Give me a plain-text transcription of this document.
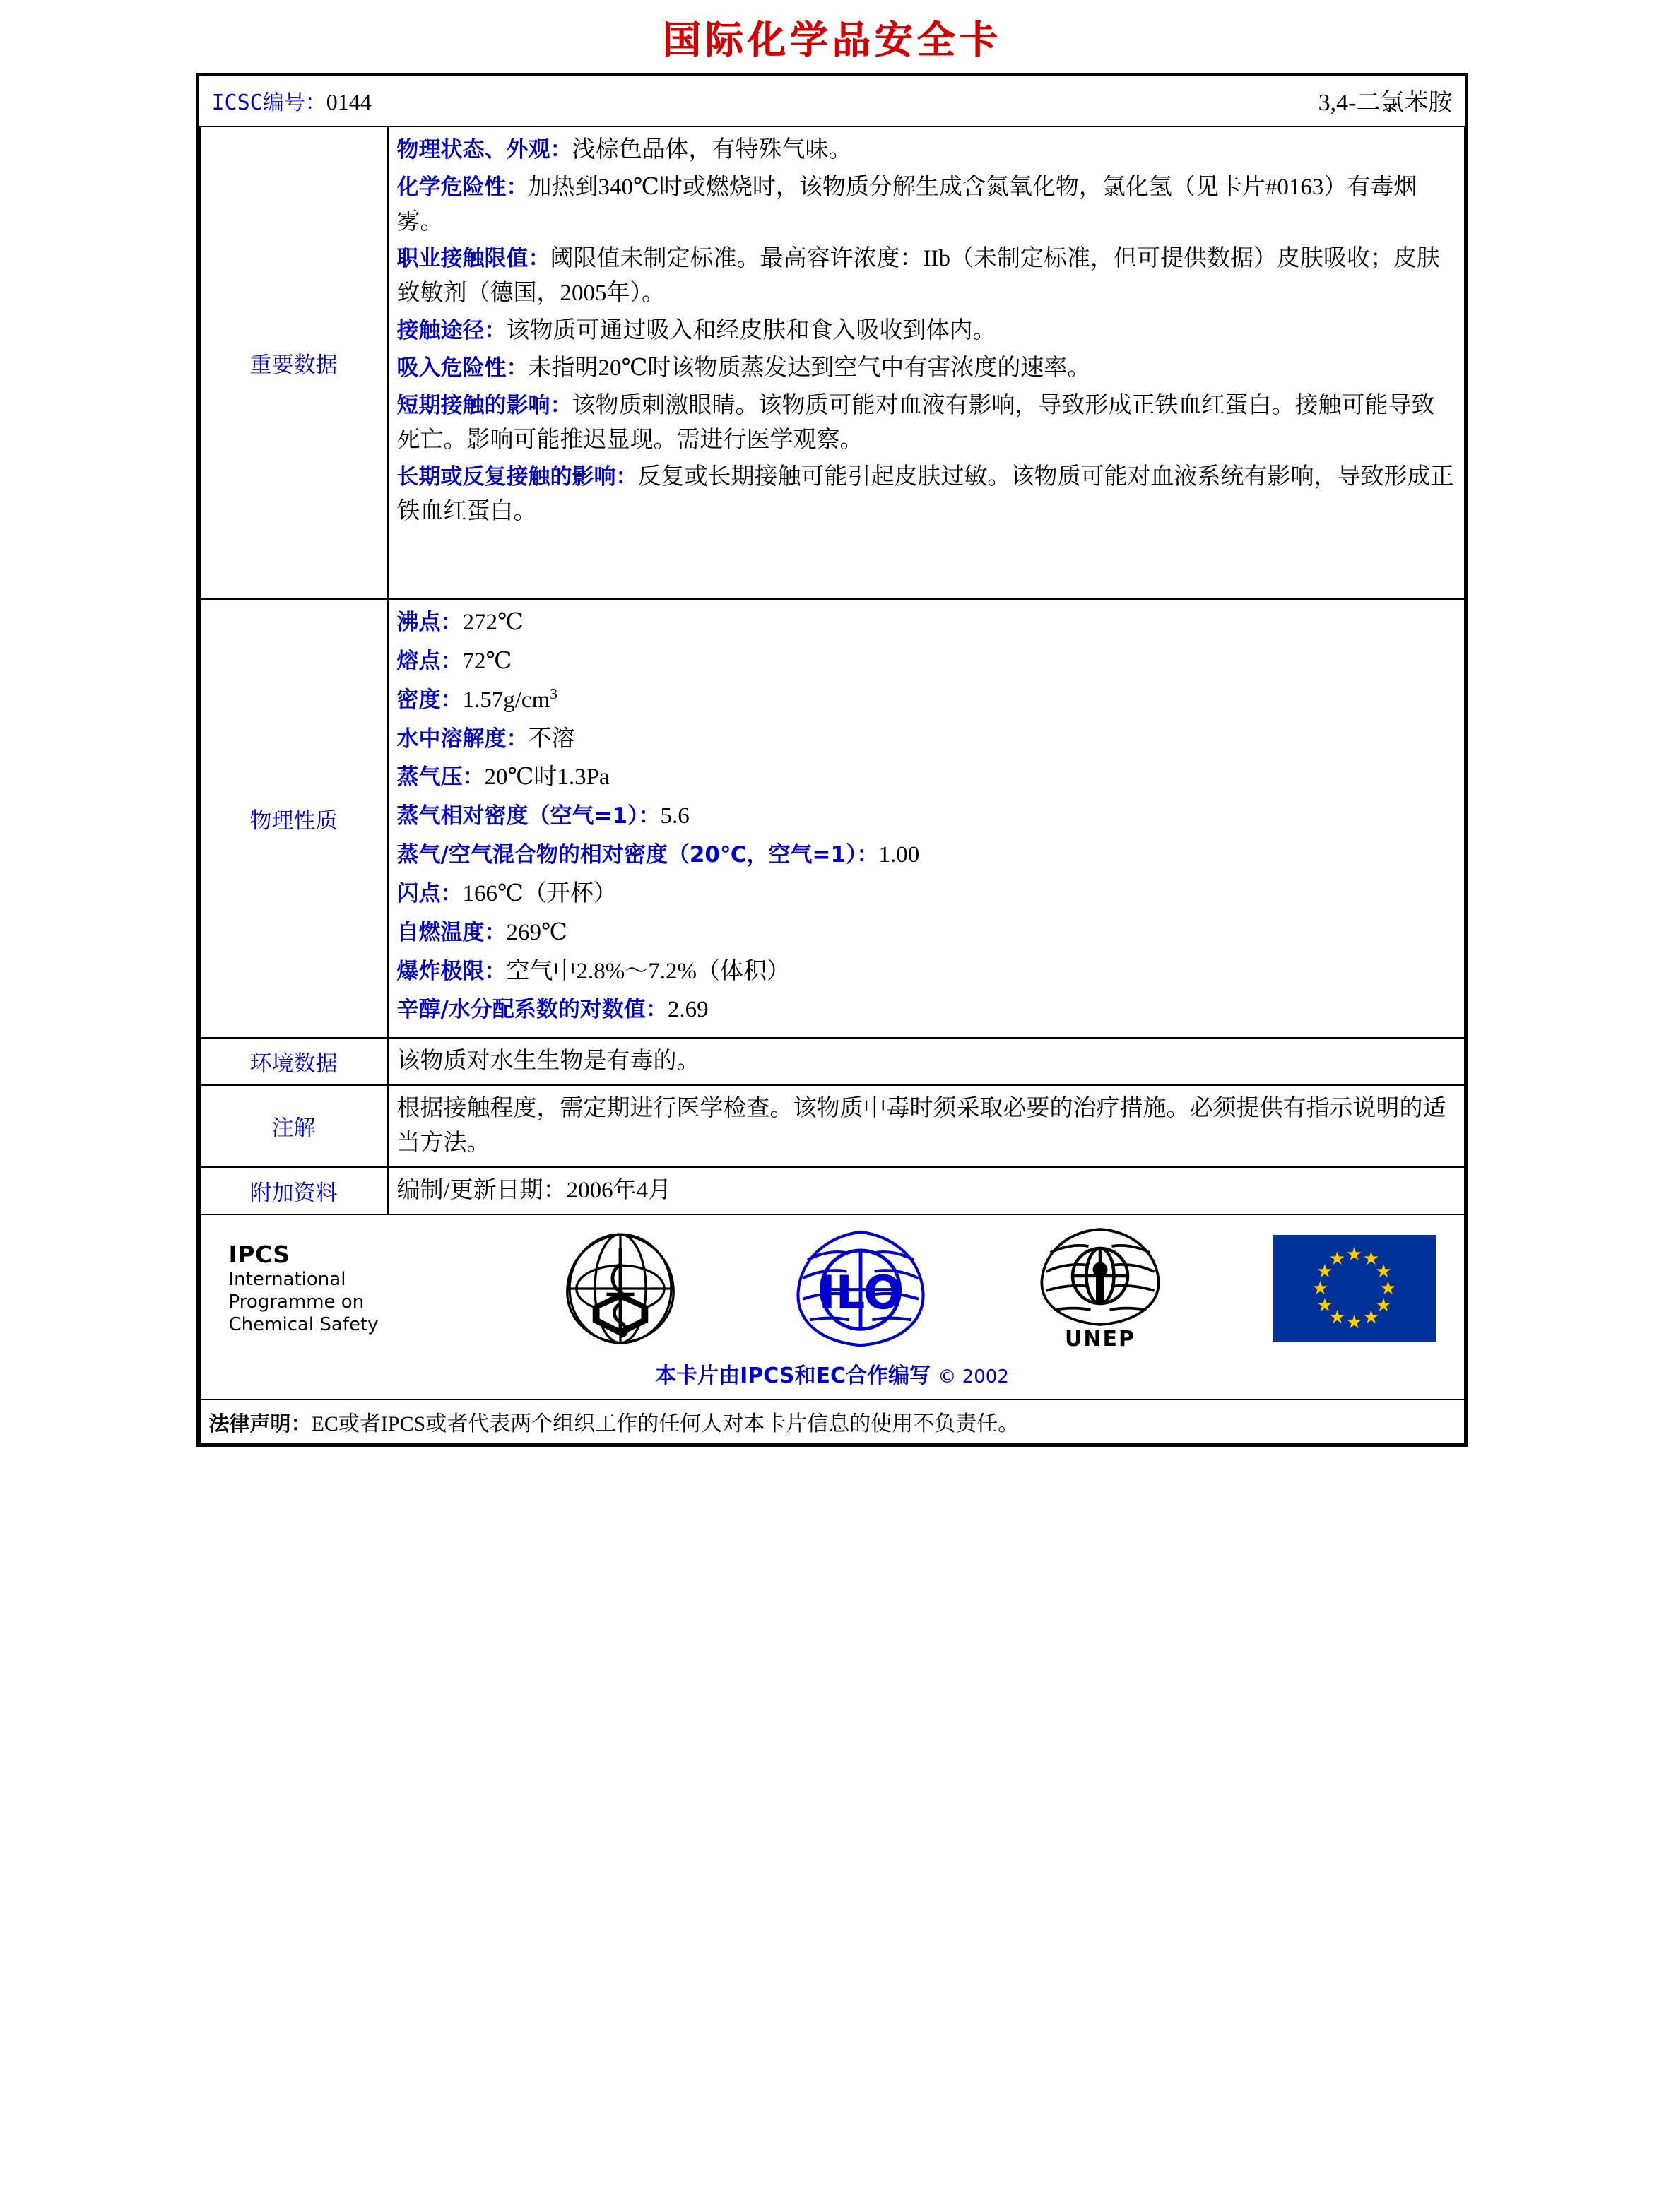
国际化学品安全卡
ICSC编号：0144	3,4-二氯苯胺
重要数据	

物理状态、外观：浅棕色晶体，有特殊气味。

化学危险性：加热到340℃时或燃烧时，该物质分解生成含氮氧化物，氯化氢（见卡片#0163）有毒烟雾。

职业接触限值：阈限值未制定标准。最高容许浓度：IIb（未制定标准，但可提供数据）皮肤吸收；皮肤致敏剂（德国，2005年）。

接触途径：该物质可通过吸入和经皮肤和食入吸收到体内。

吸入危险性：未指明20℃时该物质蒸发达到空气中有害浓度的速率。

短期接触的影响：该物质刺激眼睛。该物质可能对血液有影响，导致形成正铁血红蛋白。接触可能导致死亡。影响可能推迟显现。需进行医学观察。

长期或反复接触的影响：反复或长期接触可能引起皮肤过敏。该物质可能对血液系统有影响，导致形成正铁血红蛋白。

物理性质	
沸点：272℃
熔点：72℃
密度：$1.57g/cm^3$
水中溶解度：不溶
蒸气压：20℃时1.3Pa
蒸气相对密度（空气=1）：5.6
蒸气/空气混合物的相对密度（20℃，空气=1）：1.00
闪点：166℃（开杯）
自燃温度：269℃
爆炸极限：空气中2.8%～7.2%（体积）
辛醇/水分配系数的对数值：2.69

环境数据	该物质对水生生物是有毒的。
注解	根据接触程度，需定期进行医学检查。该物质中毒时须采取必要的治疗措施。必须提供有指示说明的适当方法。
附加资料	编制/更新日期：2006年4月

IPCS
International
Programme on
Chemical Safety
ILO
UNEP
★ ★
★
★
★
★
★
★
★
★
★
★
本卡片由IPCS和EC合作编写 © 2002

法律声明：EC或者IPCS或者代表两个组织工作的任何人对本卡片信息的使用不负责任。	
